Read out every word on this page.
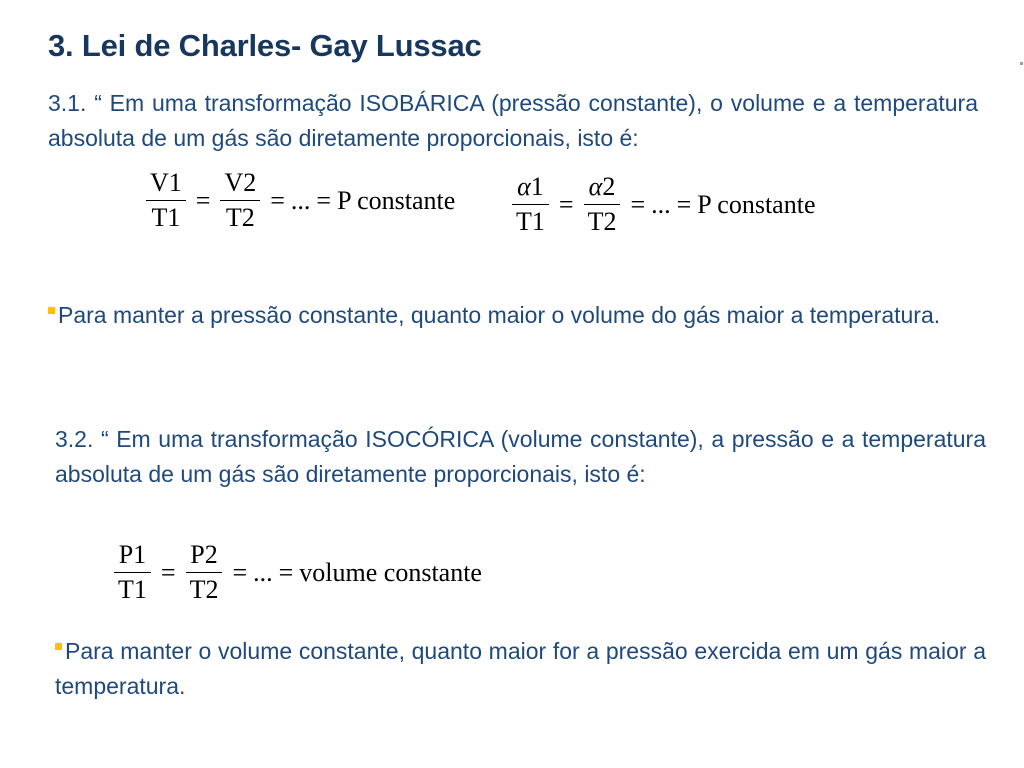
3. Lei de Charles- Gay Lussac
3.1. “ Em uma transformação ISOBÁRICA (pressão constante), o volume e a temperatura absoluta de um gás são diretamente proporcionais, isto é:
$\frac{V1}{T1} = \frac{V2}{T2}$ = ... = P constante $\frac{\alpha 1}{T1} = \frac{\alpha 2}{T2}$ = ... = P constante
Para manter a pressão constante, quanto maior o volume do gás maior a temperatura.
3.2. “ Em uma transformação ISOCÓRICA (volume constante), a pressão e a temperatura absoluta de um gás são diretamente proporcionais, isto é:
$\frac{P1}{T1} = \frac{P2}{T2}$ = ... = volume constante
Para manter o volume constante, quanto maior for a pressão exercida em um gás maior a temperatura.
